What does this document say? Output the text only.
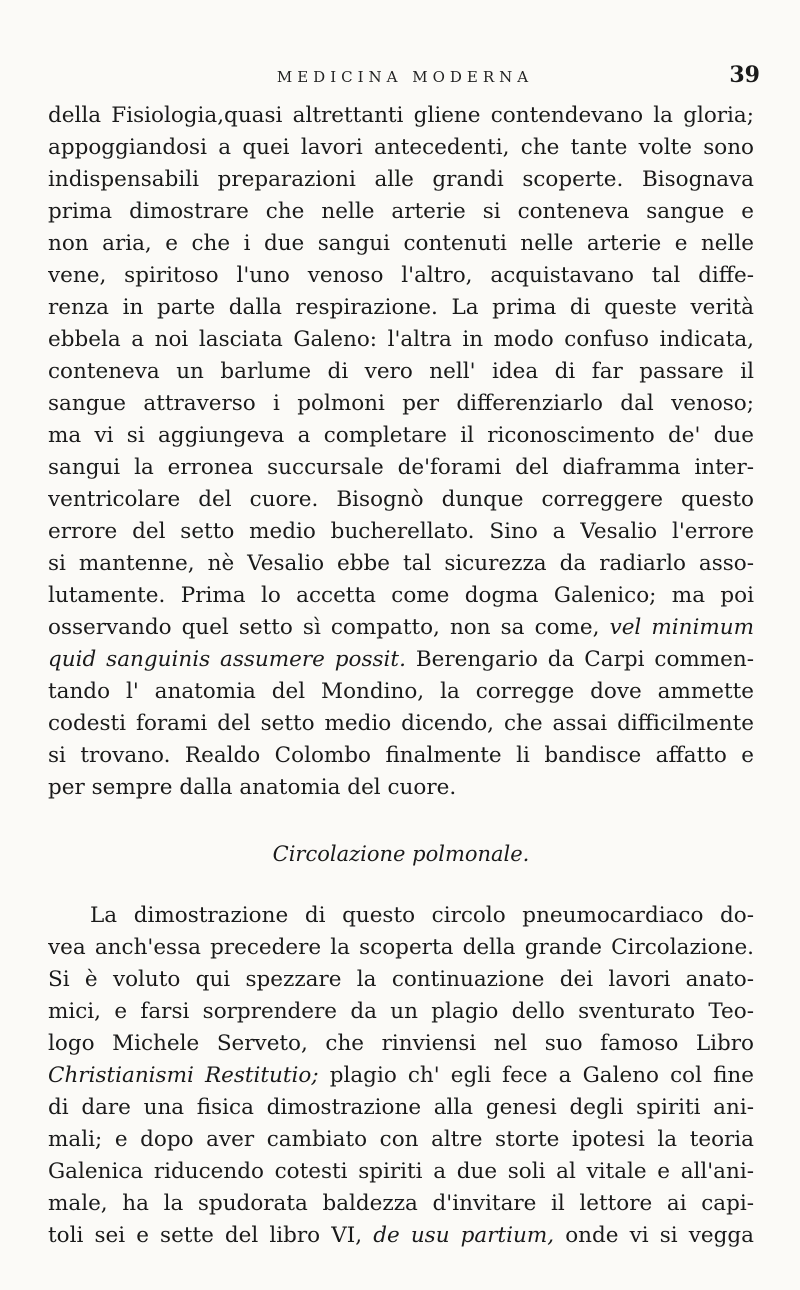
MEDICINA MODERNA	39
della Fisiologia,quasi altrettanti gliene contendevano la gloria;
appoggiandosi a quei lavori antecedenti, che tante volte sono
indispensabili preparazioni alle grandi scoperte. Bisognava
prima dimostrare che nelle arterie si conteneva sangue e
non aria, e che i due sangui contenuti nelle arterie e nelle
vene, spiritoso l'uno venoso l'altro, acquistavano tal diffe-
renza in parte dalla respirazione. La prima di queste verità
ebbela a noi lasciata Galeno: l'altra in modo confuso indicata,
conteneva un barlume di vero nell' idea di far passare il
sangue attraverso i polmoni per differenziarlo dal venoso;
ma vi si aggiungeva a completare il riconoscimento de' due
sangui la erronea succursale de'forami del diaframma inter-
ventricolare del cuore. Bisognò dunque correggere questo
errore del setto medio bucherellato. Sino a Vesalio l'errore
si mantenne, nè Vesalio ebbe tal sicurezza da radiarlo asso-
lutamente. Prima lo accetta come dogma Galenico; ma poi
osservando quel setto sì compatto, non sa come, vel minimum
quid sanguinis assumere possit. Berengario da Carpi commen-
tando l' anatomia del Mondino, la corregge dove ammette
codesti forami del setto medio dicendo, che assai difficilmente
si trovano. Realdo Colombo finalmente li bandisce affatto e
per sempre dalla anatomia del cuore.
Circolazione polmonale.
La dimostrazione di questo circolo pneumocardiaco do-
vea anch'essa precedere la scoperta della grande Circolazione.
Si è voluto qui spezzare la continuazione dei lavori anato-
mici, e farsi sorprendere da un plagio dello sventurato Teo-
logo Michele Serveto, che rinviensi nel suo famoso Libro
Christianismi Restitutio; plagio ch' egli fece a Galeno col fine
di dare una fisica dimostrazione alla genesi degli spiriti ani-
mali; e dopo aver cambiato con altre storte ipotesi la teoria
Galenica riducendo cotesti spiriti a due soli al vitale e all'ani-
male, ha la spudorata baldezza d'invitare il lettore ai capi-
toli sei e sette del libro VI, de usu partium, onde vi si vegga
